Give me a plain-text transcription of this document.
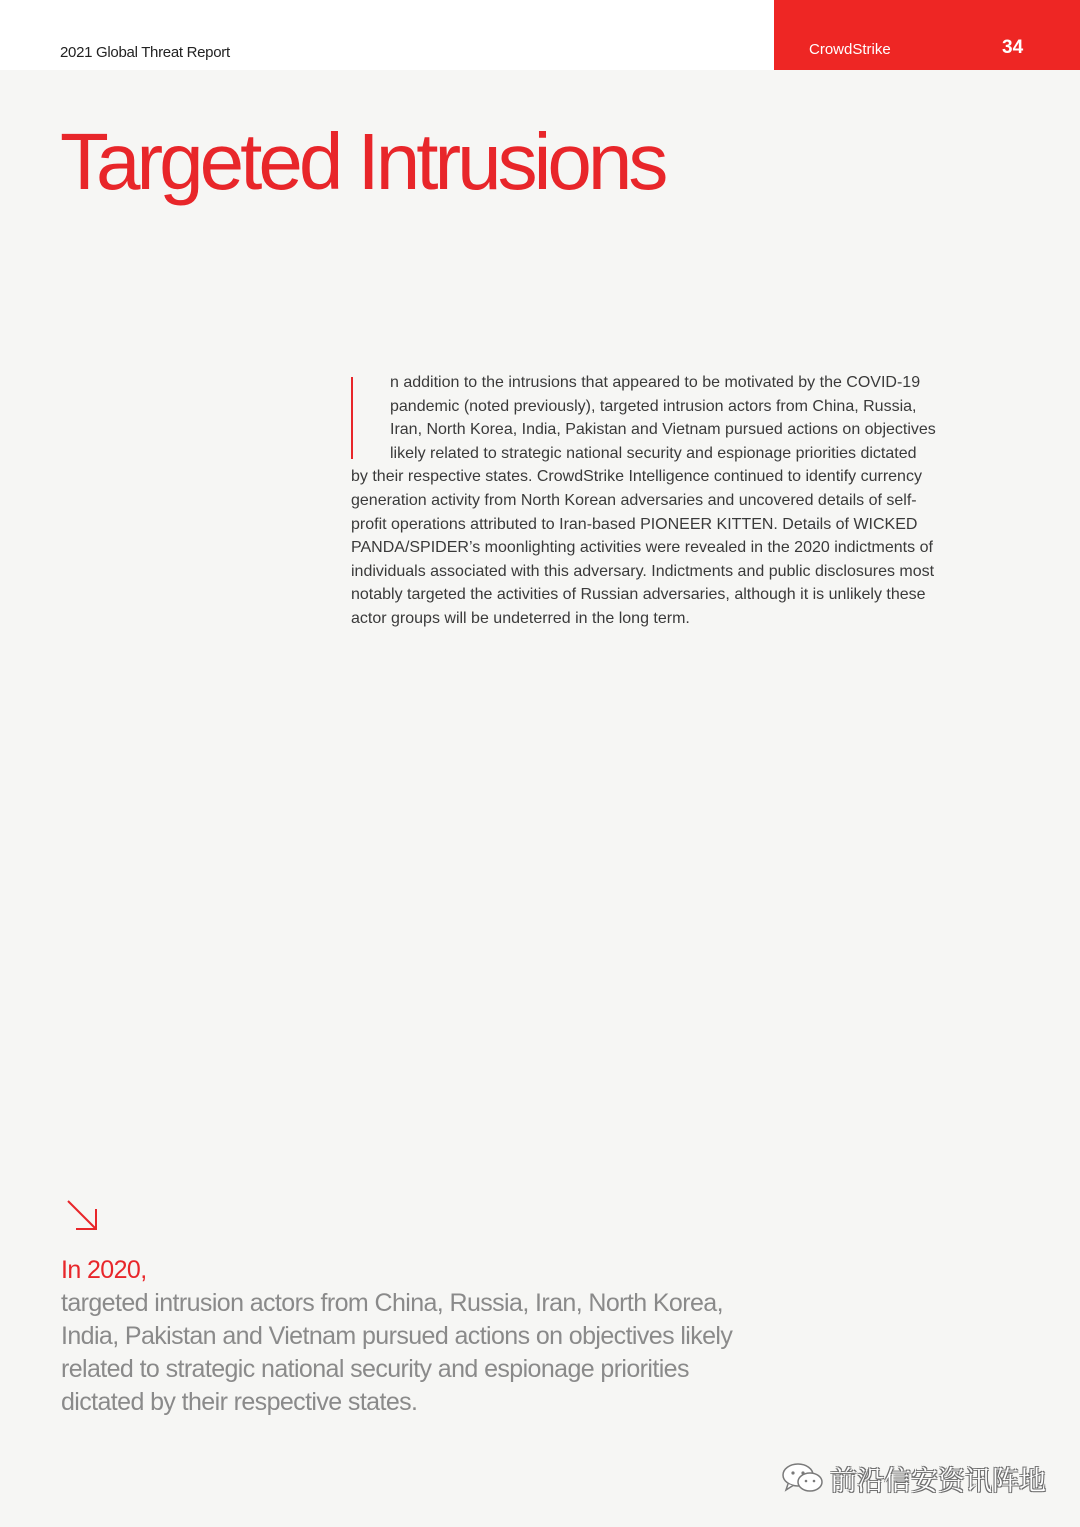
2021 Global Threat Report	CrowdStrike	34
Targeted Intrusions
n addition to the intrusions that appeared to be motivated by the COVID-19
pandemic (noted previously), targeted intrusion actors from China, Russia,
Iran, North Korea, India, Pakistan and Vietnam pursued actions on objectives
likely related to strategic national security and espionage priorities dictated
by their respective states. CrowdStrike Intelligence continued to identify currency
generation activity from North Korean adversaries and uncovered details of self-
profit operations attributed to Iran-based PIONEER KITTEN. Details of WICKED
PANDA/SPIDER’s moonlighting activities were revealed in the 2020 indictments of
individuals associated with this adversary. Indictments and public disclosures most
notably targeted the activities of Russian adversaries, although it is unlikely these
actor groups will be undeterred in the long term.
In 2020,
targeted intrusion actors from China, Russia, Iran, North Korea,
India, Pakistan and Vietnam pursued actions on objectives likely
related to strategic national security and espionage priorities
dictated by their respective states.
前沿信安资讯阵地
